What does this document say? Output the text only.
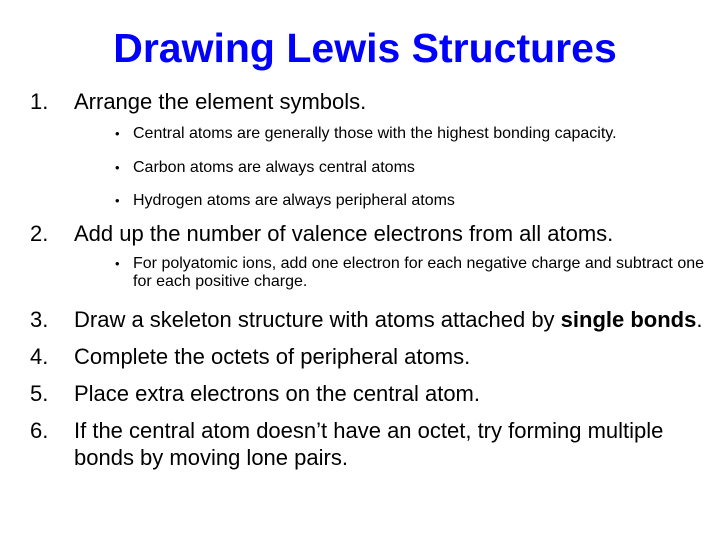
Drawing Lewis Structures
1.	Arrange the element symbols.
• Central atoms are generally those with the highest bonding capacity.
• Carbon atoms are always central atoms
• Hydrogen atoms are always peripheral atoms
2.	Add up the number of valence electrons from all atoms.
• For polyatomic ions, add one electron for each negative charge and subtract one for each positive charge.
3.	Draw a skeleton structure with atoms attached by single bonds.
4.	Complete the octets of peripheral atoms.
5.	Place extra electrons on the central atom.
6.	If the central atom doesn’t have an octet, try forming multiple bonds by moving lone pairs.
